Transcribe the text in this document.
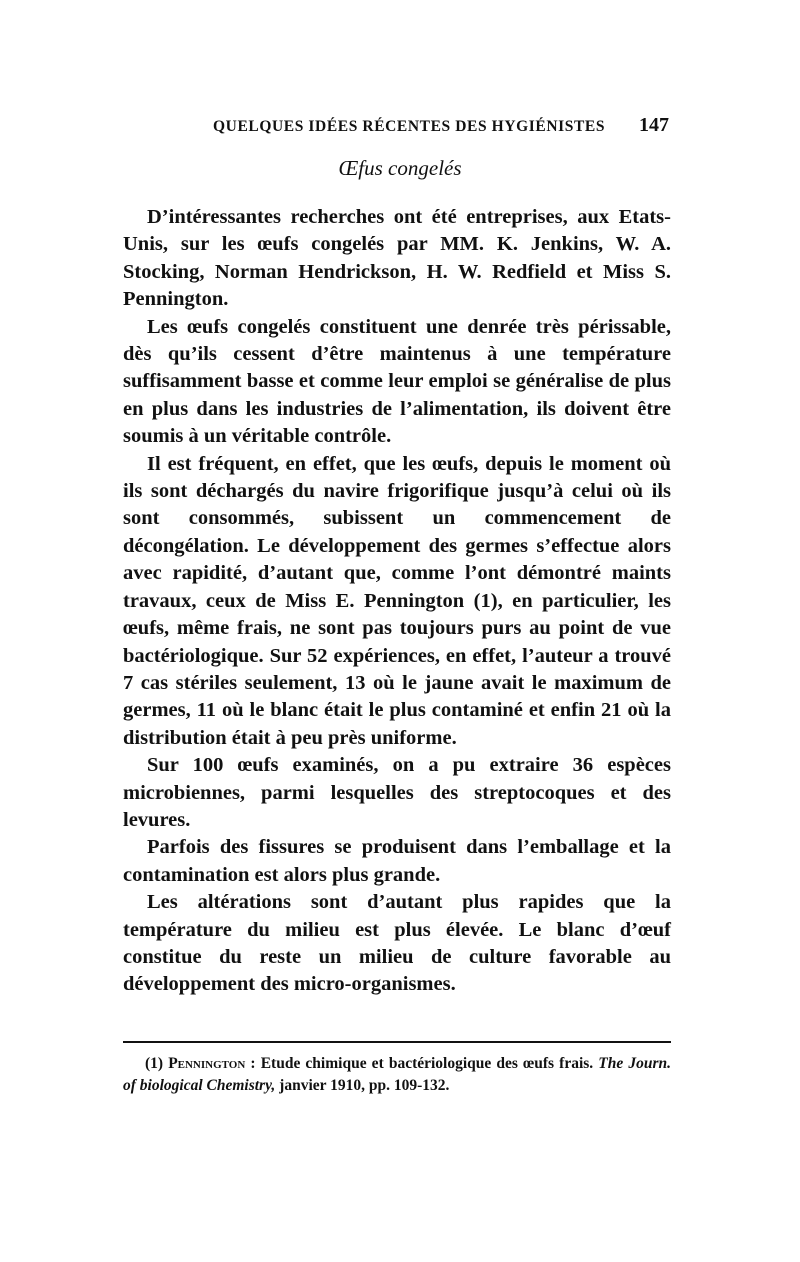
QUELQUES IDÉES RÉCENTES DES HYGIÉNISTES 147
Œfus congelés

D’intéressantes recherches ont été entreprises, aux Etats-Unis, sur les œufs congelés par MM. K. Jenkins, W. A. Stocking, Norman Hendrickson, H. W. Redfield et Miss S. Pennington.

Les œufs congelés constituent une denrée très périssable, dès qu’ils cessent d’être maintenus à une température suffisamment basse et comme leur emploi se généralise de plus en plus dans les industries de l’alimentation, ils doivent être soumis à un véritable contrôle.

Il est fréquent, en effet, que les œufs, depuis le moment où ils sont déchargés du navire frigorifique jusqu’à celui où ils sont consommés, subissent un commencement de décongélation. Le développement des germes s’effectue alors avec rapidité, d’autant que, comme l’ont démontré maints travaux, ceux de Miss E. Pennington (1), en particulier, les œufs, même frais, ne sont pas toujours purs au point de vue bactériologique. Sur 52 expériences, en effet, l’auteur a trouvé 7 cas stériles seulement, 13 où le jaune avait le maximum de germes, 11 où le blanc était le plus contaminé et enfin 21 où la distribution était à peu près uniforme.

Sur 100 œufs examinés, on a pu extraire 36 espèces microbiennes, parmi lesquelles des streptocoques et des levures.

Parfois des fissures se produisent dans l’emballage et la contamination est alors plus grande.

Les altérations sont d’autant plus rapides que la température du milieu est plus élevée. Le blanc d’œuf constitue du reste un milieu de culture favorable au développement des micro-organismes.

(1) Pennington : Etude chimique et bactériologique des œufs frais. The Journ. of biological Chemistry, janvier 1910, pp. 109-132.
